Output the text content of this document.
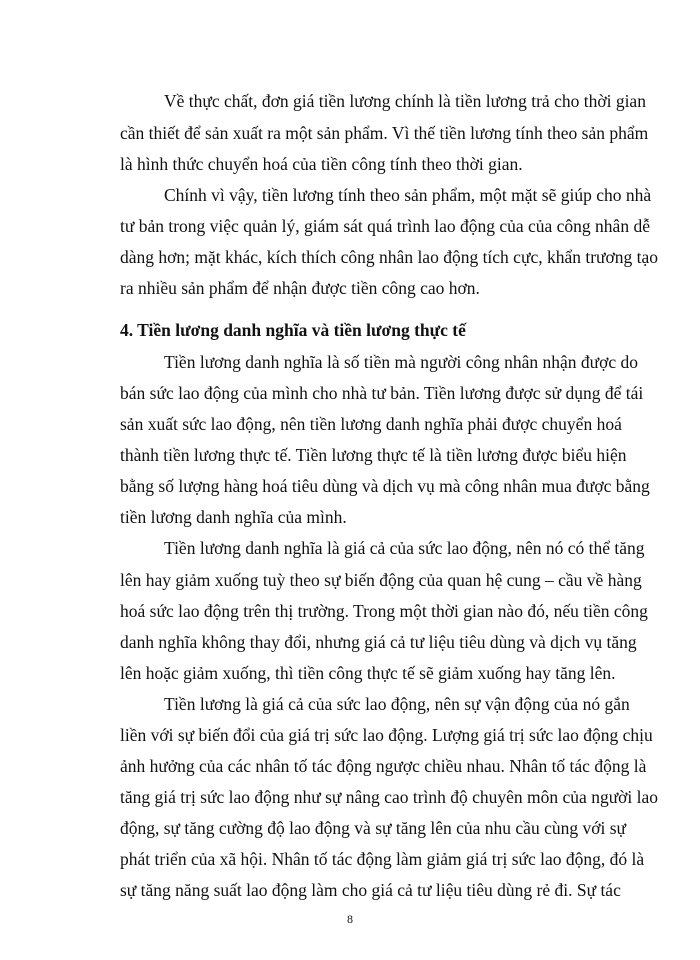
Về thực chất, đơn giá tiền lương chính là tiền lương trả cho thời gian
cần thiết để sản xuất ra một sản phẩm. Vì thế tiền lương tính theo sản phẩm
là hình thức chuyển hoá của tiền công tính theo thời gian.
Chính vì vậy, tiền lương tính theo sản phẩm, một mặt sẽ giúp cho nhà
tư bản trong việc quản lý, giám sát quá trình lao động của của công nhân dễ
dàng hơn; mặt khác, kích thích công nhân lao động tích cực, khẩn trương tạo
ra nhiều sản phẩm để nhận được tiền công cao hơn.
4. Tiền lương danh nghĩa và tiền lương thực tế
Tiền lương danh nghĩa là số tiền mà người công nhân nhận được do
bán sức lao động của mình cho nhà tư bản. Tiền lương được sử dụng để tái
sản xuất sức lao động, nên tiền lương danh nghĩa phải được chuyển hoá
thành tiền lương thực tế. Tiền lương thực tế là tiền lương được biểu hiện
bằng số lượng hàng hoá tiêu dùng và dịch vụ mà công nhân mua được bằng
tiền lương danh nghĩa của mình.
Tiền lương danh nghĩa là giá cả của sức lao động, nên nó có thể tăng
lên hay giảm xuống tuỳ theo sự biến động của quan hệ cung – cầu về hàng
hoá sức lao động trên thị trường. Trong một thời gian nào đó, nếu tiền công
danh nghĩa không thay đổi, nhưng giá cả tư liệu tiêu dùng và dịch vụ tăng
lên hoặc giảm xuống, thì tiền công thực tế sẽ giảm xuống hay tăng lên.
Tiền lương là giá cả của sức lao động, nên sự vận động của nó gắn
liền với sự biến đổi của giá trị sức lao động. Lượng giá trị sức lao động chịu
ảnh hưởng của các nhân tố tác động ngược chiều nhau. Nhân tố tác động là
tăng giá trị sức lao động như sự nâng cao trình độ chuyên môn của người lao
động, sự tăng cường độ lao động và sự tăng lên của nhu cầu cùng với sự
phát triển của xã hội. Nhân tố tác động làm giảm giá trị sức lao động, đó là
sự tăng năng suất lao động làm cho giá cả tư liệu tiêu dùng rẻ đi. Sự tác
8
